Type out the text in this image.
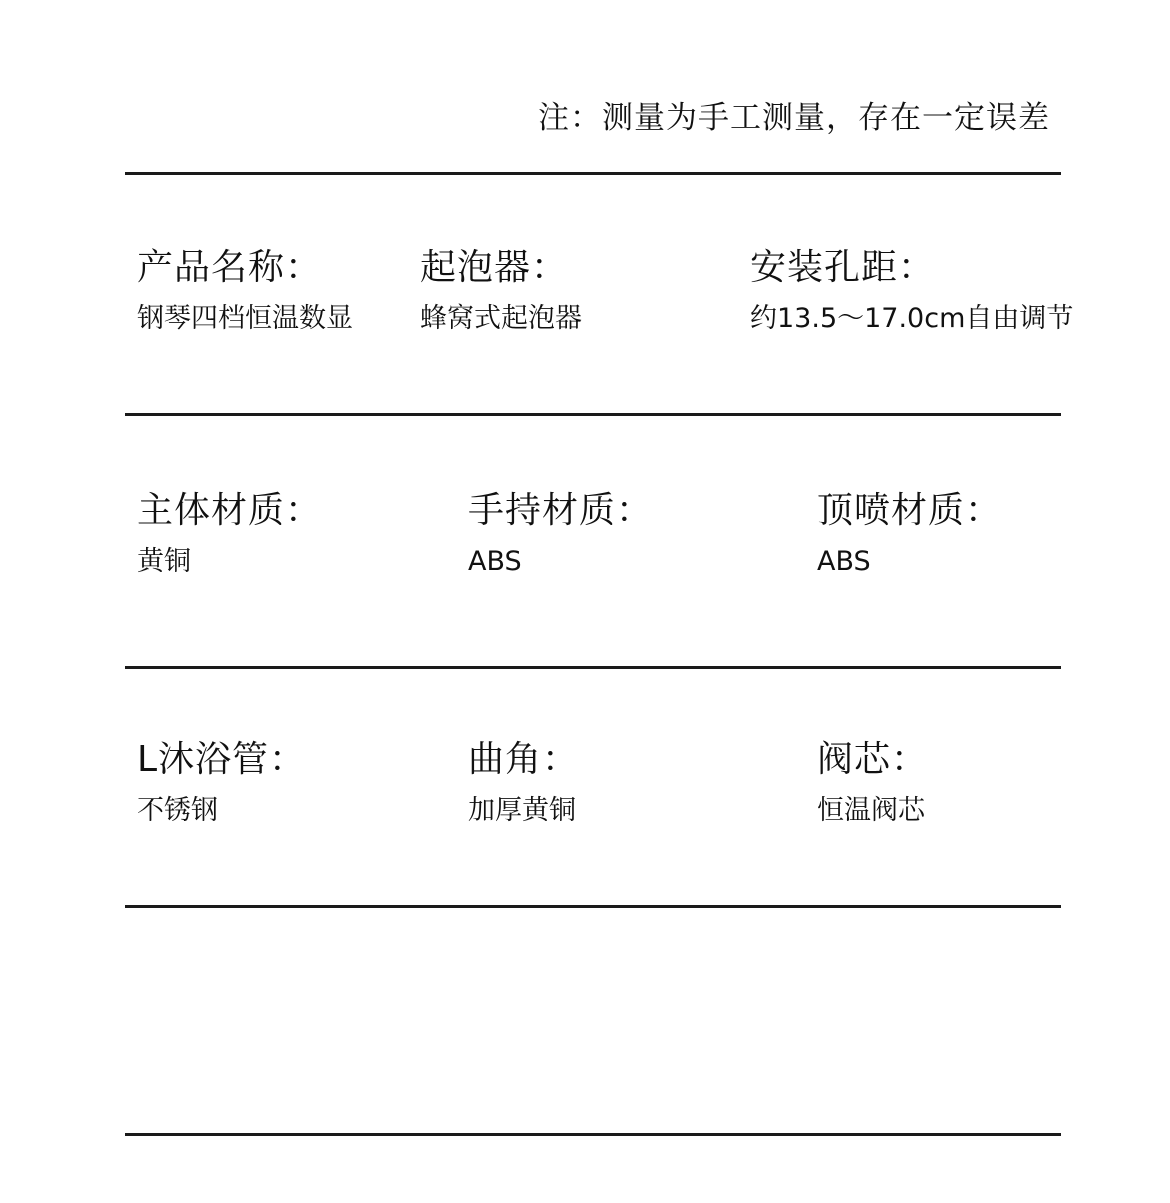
注：测量为手工测量，存在一定误差
产品名称：
钢琴四档恒温数显
起泡器：
蜂窝式起泡器
安装孔距：
约13.5～17.0cm自由调节
主体材质：
黄铜
手持材质：
ABS
顶喷材质：
ABS
L沐浴管：
不锈钢
曲角：
加厚黄铜
阀芯：
恒温阀芯
